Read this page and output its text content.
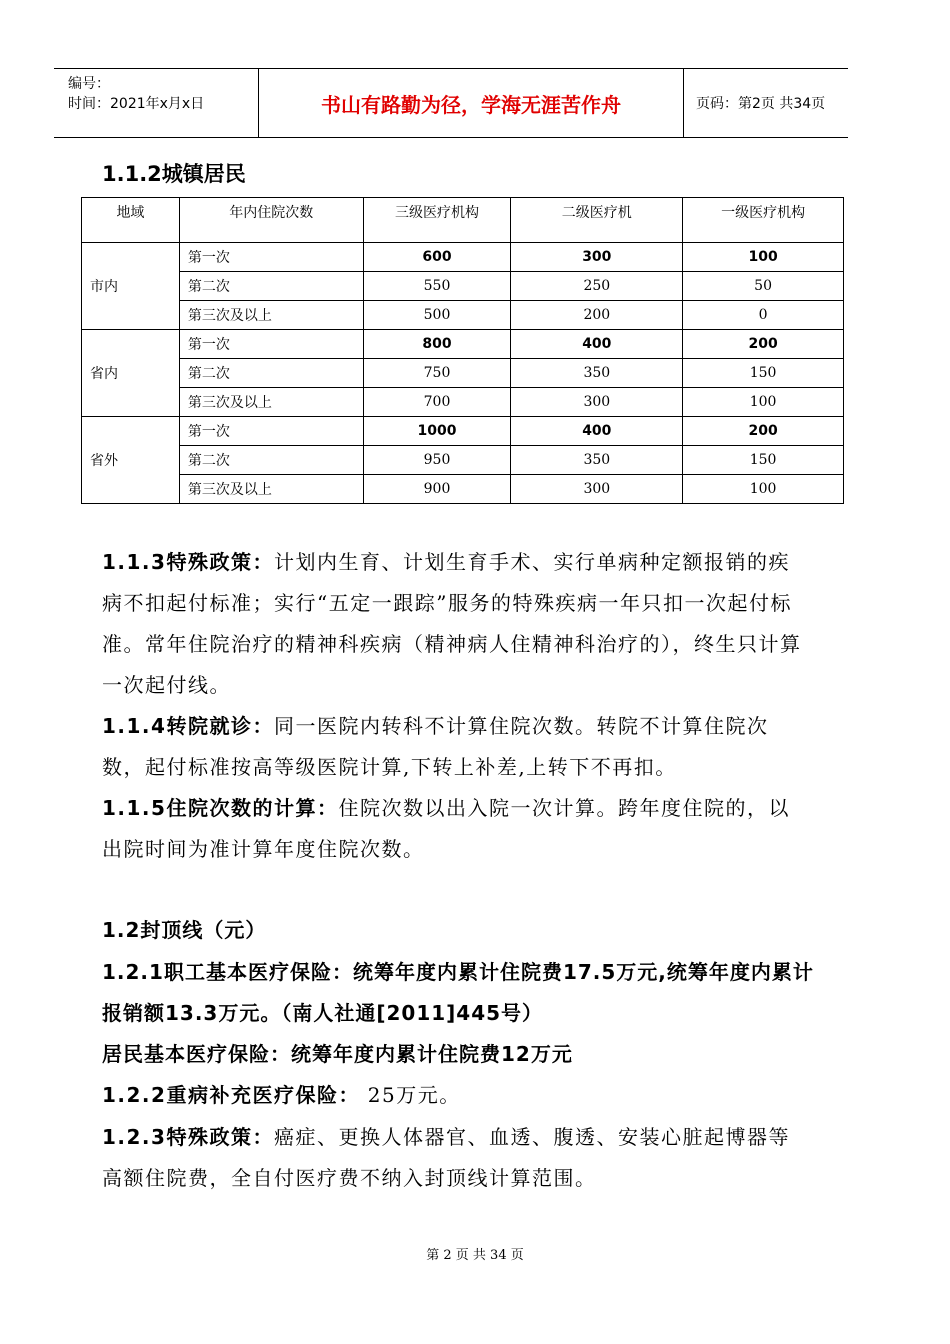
编号：
时间：2021年x月x日	书山有路勤为径，学海无涯苦作舟	页码：第2页 共34页
1.1.2城镇居民
地域	年内住院次数	三级医疗机构	二级医疗机	一级医疗机构
市内	第一次	600	300	100
	第二次	550	250	50
	第三次及以上	500	200	0
省内	第一次	800	400	200
	第二次	750	350	150
	第三次及以上	700	300	100
省外	第一次	1000	400	200
	第二次	950	350	150
	第三次及以上	900	300	100
1.1.3特殊政策：计划内生育、计划生育手术、实行单病种定额报销的疾病不扣起付标准；实行“五定一跟踪”服务的特殊疾病一年只扣一次起付标准。常年住院治疗的精神科疾病（精神病人住精神科治疗的），终生只计算一次起付线。
1.1.4转院就诊：同一医院内转科不计算住院次数。转院不计算住院次数，起付标准按高等级医院计算,下转上补差,上转下不再扣。
1.1.5住院次数的计算：住院次数以出入院一次计算。跨年度住院的，以出院时间为准计算年度住院次数。
1.2封顶线（元）
1.2.1职工基本医疗保险：统筹年度内累计住院费17.5万元,统筹年度内累计报销额13.3万元。（南人社通[2011]445号）
居民基本医疗保险：统筹年度内累计住院费12万元
1.2.2重病补充医疗保险： 25万元。
1.2.3特殊政策：癌症、更换人体器官、血透、腹透、安装心脏起博器等高额住院费，全自付医疗费不纳入封顶线计算范围。
第 2 页 共 34 页
